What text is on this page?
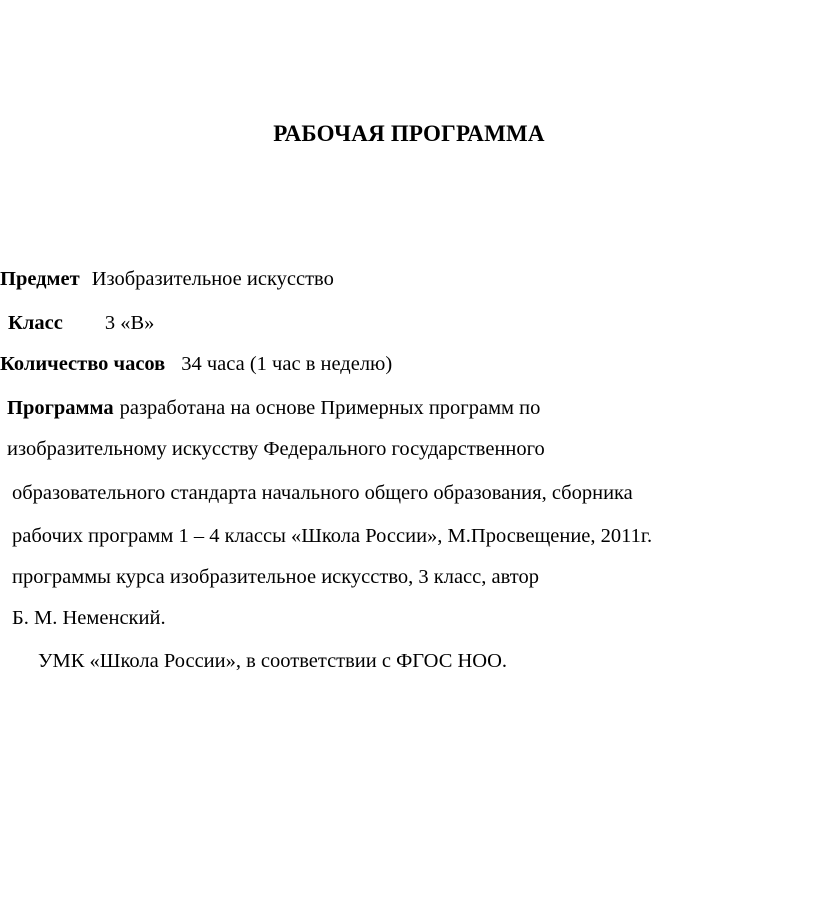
РАБОЧАЯ ПРОГРАММА
Предмет Изобразительное искусство
Класс 3 «В»
Количество часов 34 часа (1 час в неделю)
Программа разработана на основе Примерных программ по
изобразительному искусству Федерального государственного
образовательного стандарта начального общего образования, сборника
рабочих программ 1 – 4 классы «Школа России», М.Просвещение, 2011г.
программы курса изобразительное искусство, 3 класс, автор
Б. М. Неменский.
УМК «Школа России», в соответствии с ФГОС НОО.
